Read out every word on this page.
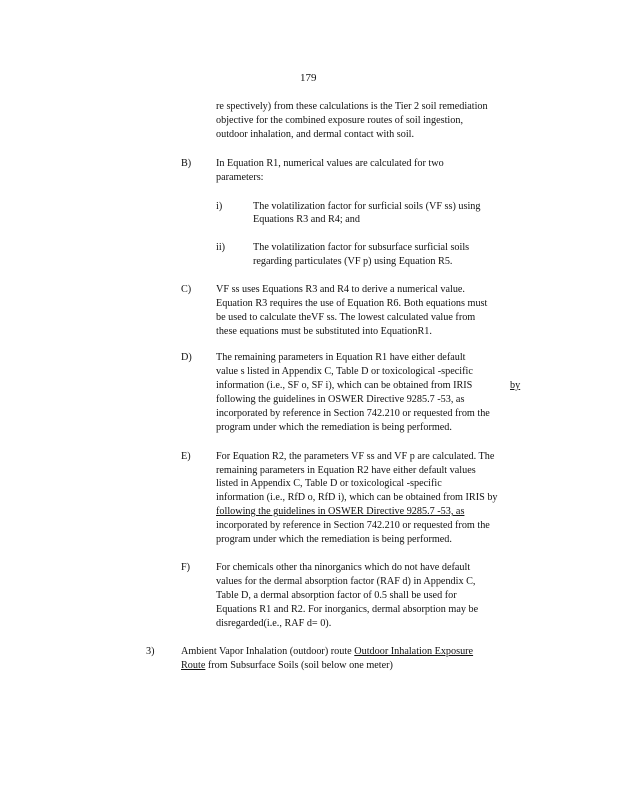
179
re spectively) from these calculations is the Tier 2 soil remediation
objective for the combined exposure routes of soil ingestion,
outdoor inhalation, and dermal contact with soil.
B) In Equation R1, numerical values are calculated for two
parameters:
i)	The volatilization factor for surficial soils (VF ss) using
Equations R3 and R4; and
ii)	The volatilization factor for subsurface surficial soils
regarding particulates (VF p) using Equation R5.
C) VF ss uses Equations R3 and R4 to derive a numerical value.
Equation R3 requires the use of Equation R6. Both equations must
be used to calculate theVF ss. The lowest calculated value from
these equations must be substituted into EquationR1.
D) The remaining parameters in Equation R1 have either default
value s listed in Appendix C, Table D or toxicological -specific
information (i.e., SF o, SF i), which can be obtained from IRIS	by
following the guidelines in OSWER Directive 9285.7 -53, as
incorporated by reference in Section 742.210 or requested from the
program under which the remediation is being performed.
E) For Equation R2, the parameters VF ss and VF p are calculated. The
remaining parameters in Equation R2 have either default values
listed in Appendix C, Table D or toxicological -specific
information (i.e., RfD o, RfD i), which can be obtained from IRIS by
following the guidelines in OSWER Directive 9285.7 -53, as
incorporated by reference in Section 742.210 or requested from the
program under which the remediation is being performed.
F)	For chemicals other tha ninorganics which do not have default
values for the dermal absorption factor (RAF d) in Appendix C,
Table D, a dermal absorption factor of 0.5 shall be used for
Equations R1 and R2. For inorganics, dermal absorption may be
disregarded(i.e., RAF d= 0).
3)	Ambient Vapor Inhalation (outdoor) route Outdoor Inhalation Exposure
Route from Subsurface Soils (soil below one meter)
